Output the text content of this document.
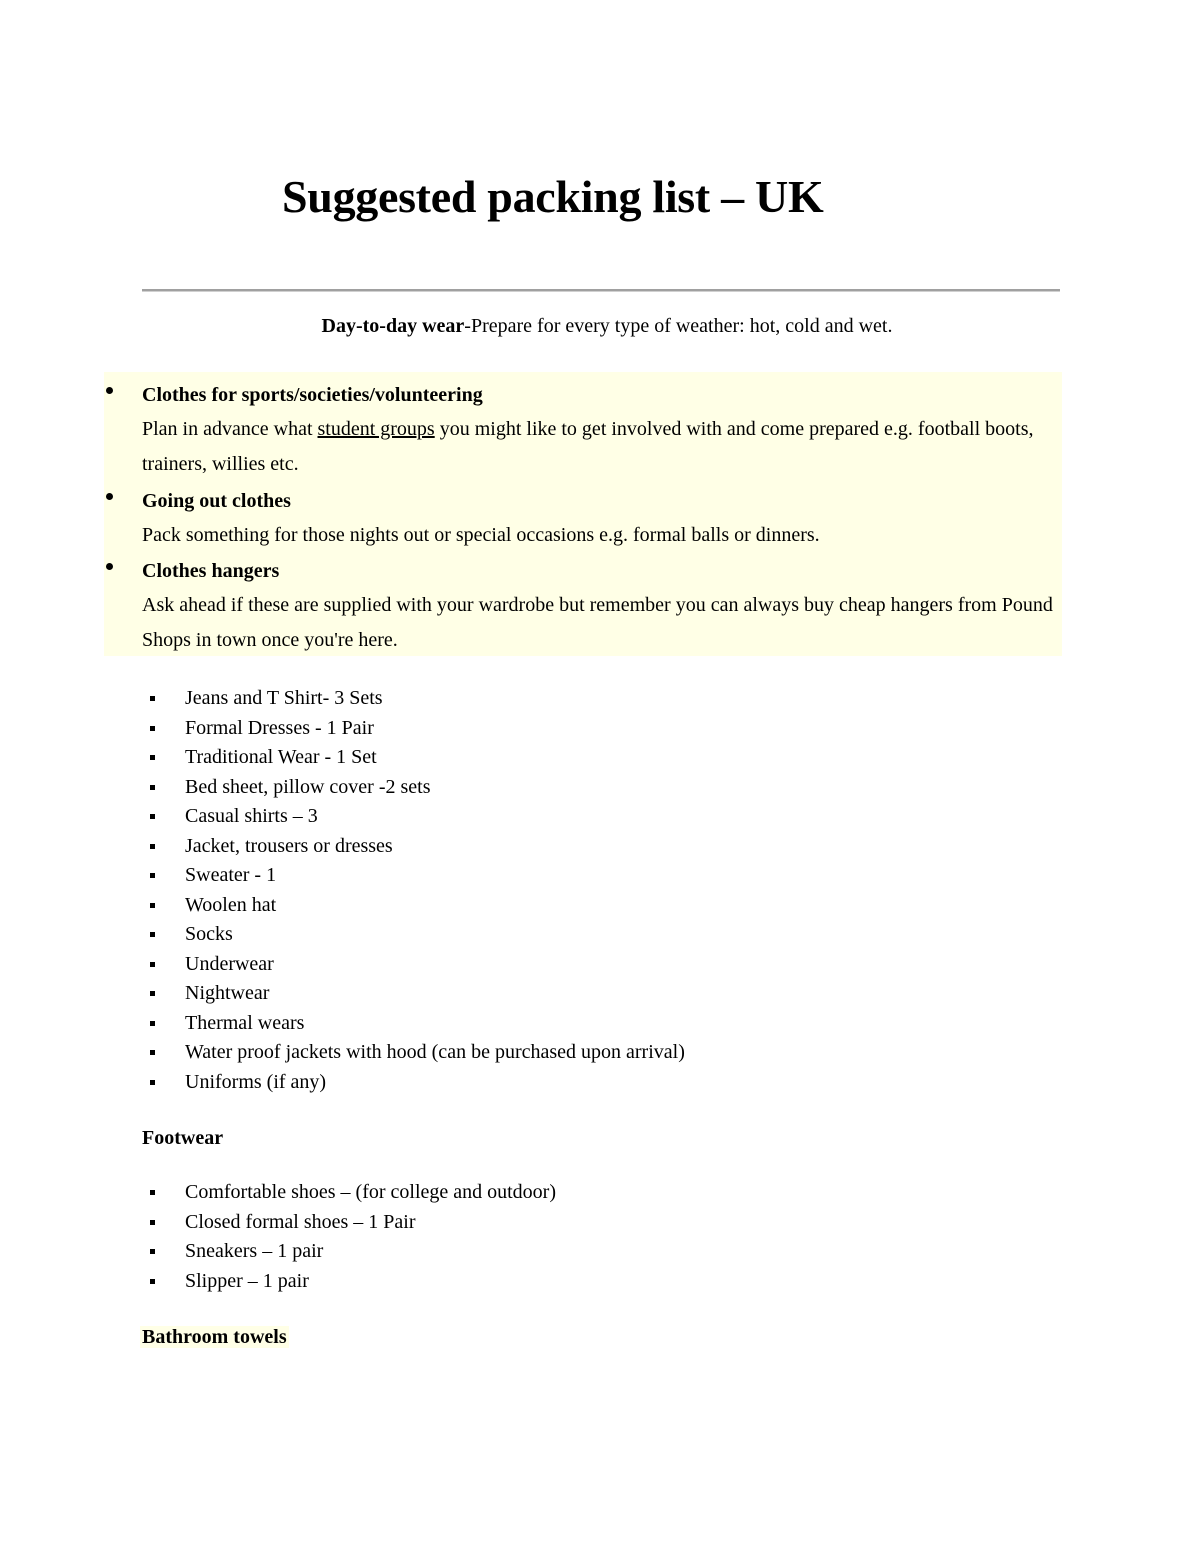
Suggested packing list – UK
Day-to-day wear-Prepare for every type of weather: hot, cold and wet.
Clothes for sports/societies/volunteering
Plan in advance what student groups you might like to get involved with and come prepared e.g. football boots, trainers, willies etc.
Going out clothes
Pack something for those nights out or special occasions e.g. formal balls or dinners.
Clothes hangers
Ask ahead if these are supplied with your wardrobe but remember you can always buy cheap hangers from Pound Shops in town once you're here.
Jeans and T Shirt- 3 Sets
Formal Dresses - 1 Pair
Traditional Wear - 1 Set
Bed sheet, pillow cover -2 sets
Casual shirts – 3
Jacket, trousers or dresses
Sweater - 1
Woolen hat
Socks
Underwear
Nightwear
Thermal wears
Water proof jackets with hood (can be purchased upon arrival)
Uniforms (if any)
Footwear
Comfortable shoes – (for college and outdoor)
Closed formal shoes – 1 Pair
Sneakers – 1 pair
Slipper – 1 pair
Bathroom towels
